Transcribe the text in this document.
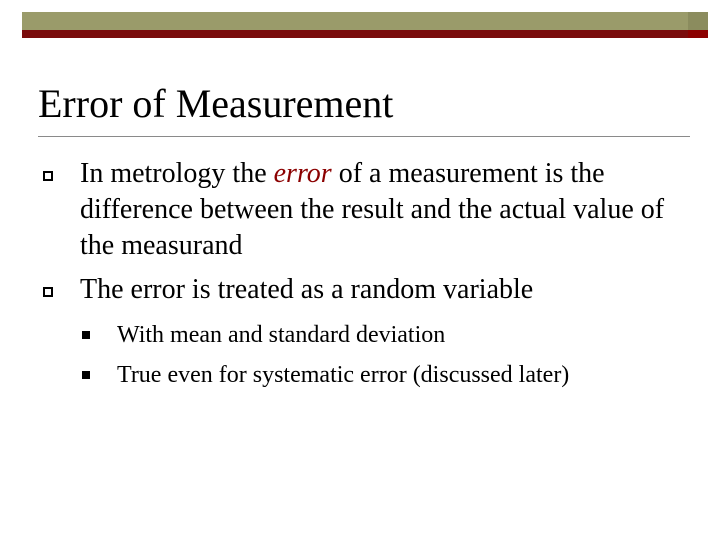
Error of Measurement

In metrology the error of a measurement is the difference between the result and the actual value of the measurand

The error is treated as a random variable

With mean and standard deviation

True even for systematic error (discussed later)
